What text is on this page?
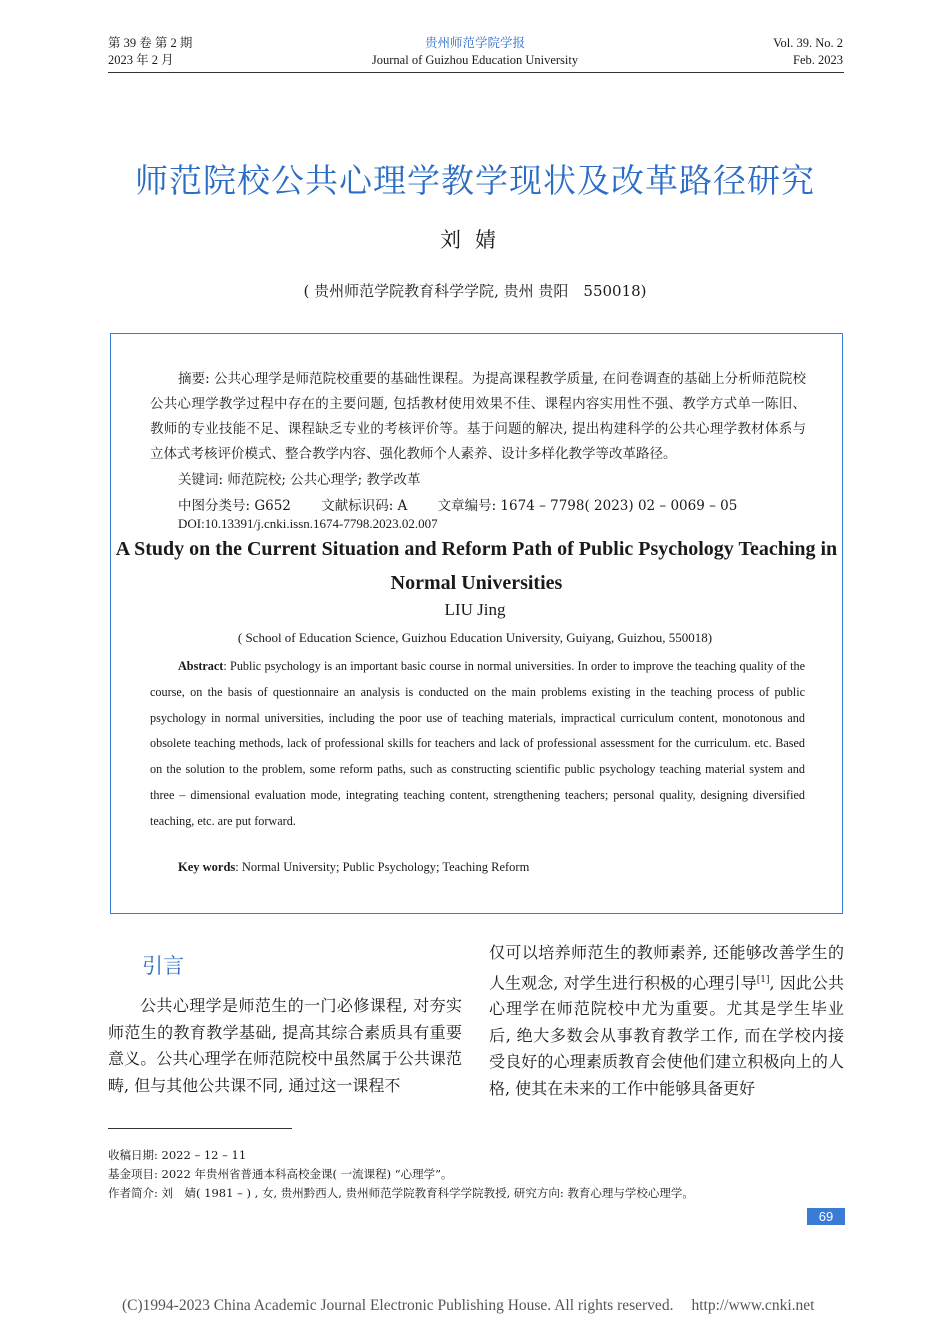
第 39 卷 第 2 期
2023 年 2 月
贵州师范学院学报
Journal of Guizhou Education University
Vol. 39. No. 2
Feb. 2023
师范院校公共心理学教学现状及改革路径研究
刘婧
( 贵州师范学院教育科学学院, 贵州 贵阳　550018)
摘要: 公共心理学是师范院校重要的基础性课程。为提高课程教学质量, 在问卷调查的基础上分析师范院校公共心理学教学过程中存在的主要问题, 包括教材使用效果不佳、课程内容实用性不强、教学方式单一陈旧、教师的专业技能不足、课程缺乏专业的考核评价等。基于问题的解决, 提出构建科学的公共心理学教材体系与立体式考核评价模式、整合教学内容、强化教师个人素养、设计多样化教学等改革路径。
关键词: 师范院校; 公共心理学; 教学改革
中图分类号: G652 文献标识码: A 文章编号: 1674 – 7798( 2023) 02 – 0069 – 05
DOI:10.13391/j.cnki.issn.1674-7798.2023.02.007
A Study on the Current Situation and Reform Path of Public Psychology Teaching in Normal Universities
LIU Jing
( School of Education Science, Guizhou Education University, Guiyang, Guizhou, 550018)
Abstract: Public psychology is an important basic course in normal universities. In order to improve the teaching quality of the course, on the basis of questionnaire an analysis is conducted on the main problems existing in the teaching process of public psychology in normal universities, including the poor use of teaching materials, impractical curriculum content, monotonous and obsolete teaching methods, lack of professional skills for teachers and lack of professional assessment for the curriculum. etc. Based on the solution to the problem, some reform paths, such as constructing scientific public psychology teaching material system and three – dimensional evaluation mode, integrating teaching content, strengthening teachers; personal quality, designing diversified teaching, etc. are put forward.
Key words: Normal University; Public Psychology; Teaching Reform
引言
公共心理学是师范生的一门必修课程, 对夯实师范生的教育教学基础, 提高其综合素质具有重要意义。公共心理学在师范院校中虽然属于公共课范畴, 但与其他公共课不同, 通过这一课程不
仅可以培养师范生的教师素养, 还能够改善学生的人生观念, 对学生进行积极的心理引导[1], 因此公共心理学在师范院校中尤为重要。尤其是学生毕业后, 绝大多数会从事教育教学工作, 而在学校内接受良好的心理素质教育会使他们建立积极向上的人格, 使其在未来的工作中能够具备更好
收稿日期: 2022 – 12 – 11
基金项目: 2022 年贵州省普通本科高校金课( 一流课程) “心理学”。
作者简介: 刘　婧( 1981 – ) , 女, 贵州黔西人, 贵州师范学院教育科学学院教授, 研究方向: 教育心理与学校心理学。
69
(C)1994-2023 China Academic Journal Electronic Publishing House. All rights reserved. http://www.cnki.net
